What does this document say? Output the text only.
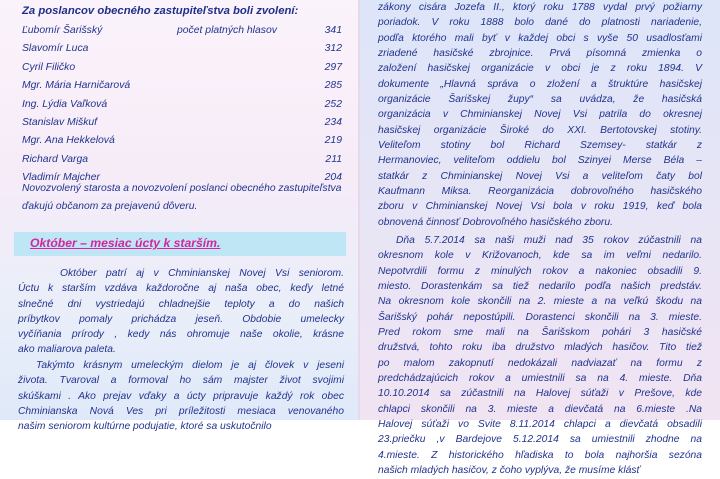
Za poslancov obecného zastupiteľstva boli zvolení:
počet platných hlasov
Ľubomír Šarišský	341
Slavomír Luca	312
Cyril Filičko	297
Mgr. Mária Harničarová	285
Ing. Lýdia Vaľková	252
Stanislav Miškuf	234
Mgr. Ana Hekkelová	219
Richard Varga	211
Vladimír Majcher	204
Novozvolený starosta a novozvolení poslanci obecného zastupiteľstva ďakujú občanom za prejavenú dôveru.
Október – mesiac úcty k starším.
Október patrí aj v Chminianskej Novej Vsi seniorom.
Úctu k starším vzdáva každoročne aj naša obec, keďy letné
slnečné dni vystriedajú chladnejšie teploty a do našich
príbytkov pomaly prichádza jeseň. Obdobie umelecky
vyčíňania prírody , kedy nás ohromuje naše okolie, krásne
ako maliarova paleta.
Takýmto krásnym umeleckým dielom je aj človek v jeseni
života. Tvaroval a formoval ho sám majster život svojimi
skúškami . Ako prejav vďaky a úcty pripravuje každý rok obec
Chminianska Nová Ves pri príležitosti mesiaca venovaného
našim seniorom kultúrne podujatie, ktoré sa uskutočnilo
zákony cisára Jozefa II., ktorý roku 1788 vydal prvý požiarny
poriadok. V roku 1888 bolo dané do platnosti nariadenie,
podľa ktorého mali byť v každej obci s vyše 50 usadlosťami
zriadené hasičské zbrojnice. Prvá písomná zmienka o
založení hasičskej organizácie v obci je z roku 1894. V
dokumente „Hlavná správa o zložení a štruktúre hasičskej
organizácie Šarišskej župy“ sa uvádza, že hasičská
organizácia v Chminianskej Novej Vsi patrila do okresnej
hasičskej organizácie Široké do XXI. Bertotovskej stotiny.
Veliteľom stotiny bol Richard Szemsey- statkár z
Hermanoviec, veliteľom oddielu bol Szinyei Merse Béla –
statkár z Chminianskej Novej Vsi a veliteľom čaty bol
Kaufmann Miksa. Reorganizácia dobrovoľného hasičského
zboru v Chminianskej Novej Vsi bola v roku 1919, keď bola
obnovená činnosť Dobrovoľného hasičského zboru.
Dňa 5.7.2014 sa naši muži nad 35 rokov zúčastnili na
okresnom kole v Križovanoch, kde sa im veľmi nedarilo.
Nepotvrdili formu z minulých rokov a nakoniec obsadili 9.
miesto. Dorastenkám sa tiež nedarilo podľa našich predstáv.
Na okresnom kole skončili na 2. mieste a na veľkú škodu na
Šarišský pohár nepostúpili. Dorastenci skončili na 3. mieste.
Pred rokom sme mali na Šarišskom pohári 3 hasičské
družstvá, tohto roku iba družstvo mladých hasičov. Tito tiež
po malom zakopnutí nedokázali nadviazať na formu z
predchádzajúcich rokov a umiestnili sa na 4. mieste. Dňa
10.10.2014 sa zúčastnili na Halovej súťaži v Prešove, kde
chlapci skončili na 3. mieste a dievčatá na 6.mieste .Na
Halovej súťaži vo Svite 8.11.2014 chlapci a dievčatá obsadili
23.priečku ,v Bardejove 5.12.2014 sa umiestnili zhodne na
4.mieste. Z historického hľadiska to bola najhoršia sezóna
našich mladých hasičov, z čoho vyplýva, že musíme klásť
